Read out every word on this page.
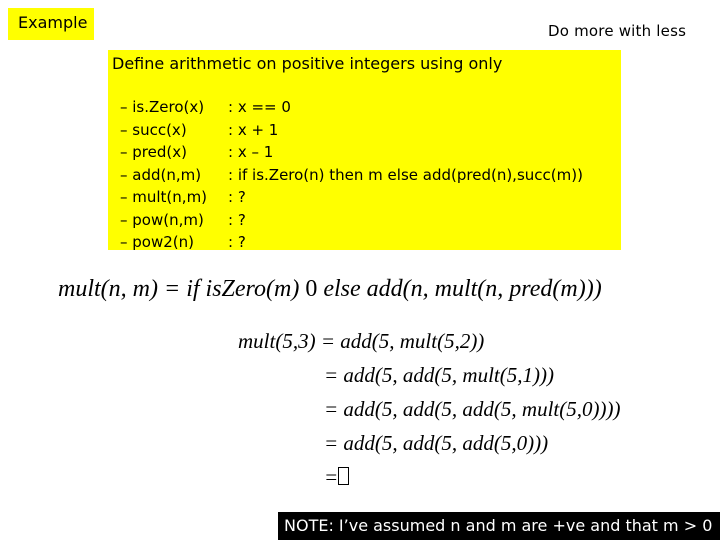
Example	Do more with less
Define arithmetic on positive integers using only
– is.Zero(x)	: x == 0
– succ(x)	: x + 1
– pred(x)	: x – 1
– add(n,m)	: if is.Zero(n) then m else add(pred(n),succ(m))
– mult(n,m)	: ?
– pow(n,m)	: ?
– pow2(n)	: ?
mult(n, m) = if isZero(m) 0 else add(n, mult(n, pred(m)))
mult(5,3) = add(5, mult(5,2))
= add(5, add(5, mult(5,1)))
= add(5, add(5, add(5, mult(5,0))))
= add(5, add(5, add(5,0)))
=
NOTE: I’ve assumed n and m are +ve and that m > 0
